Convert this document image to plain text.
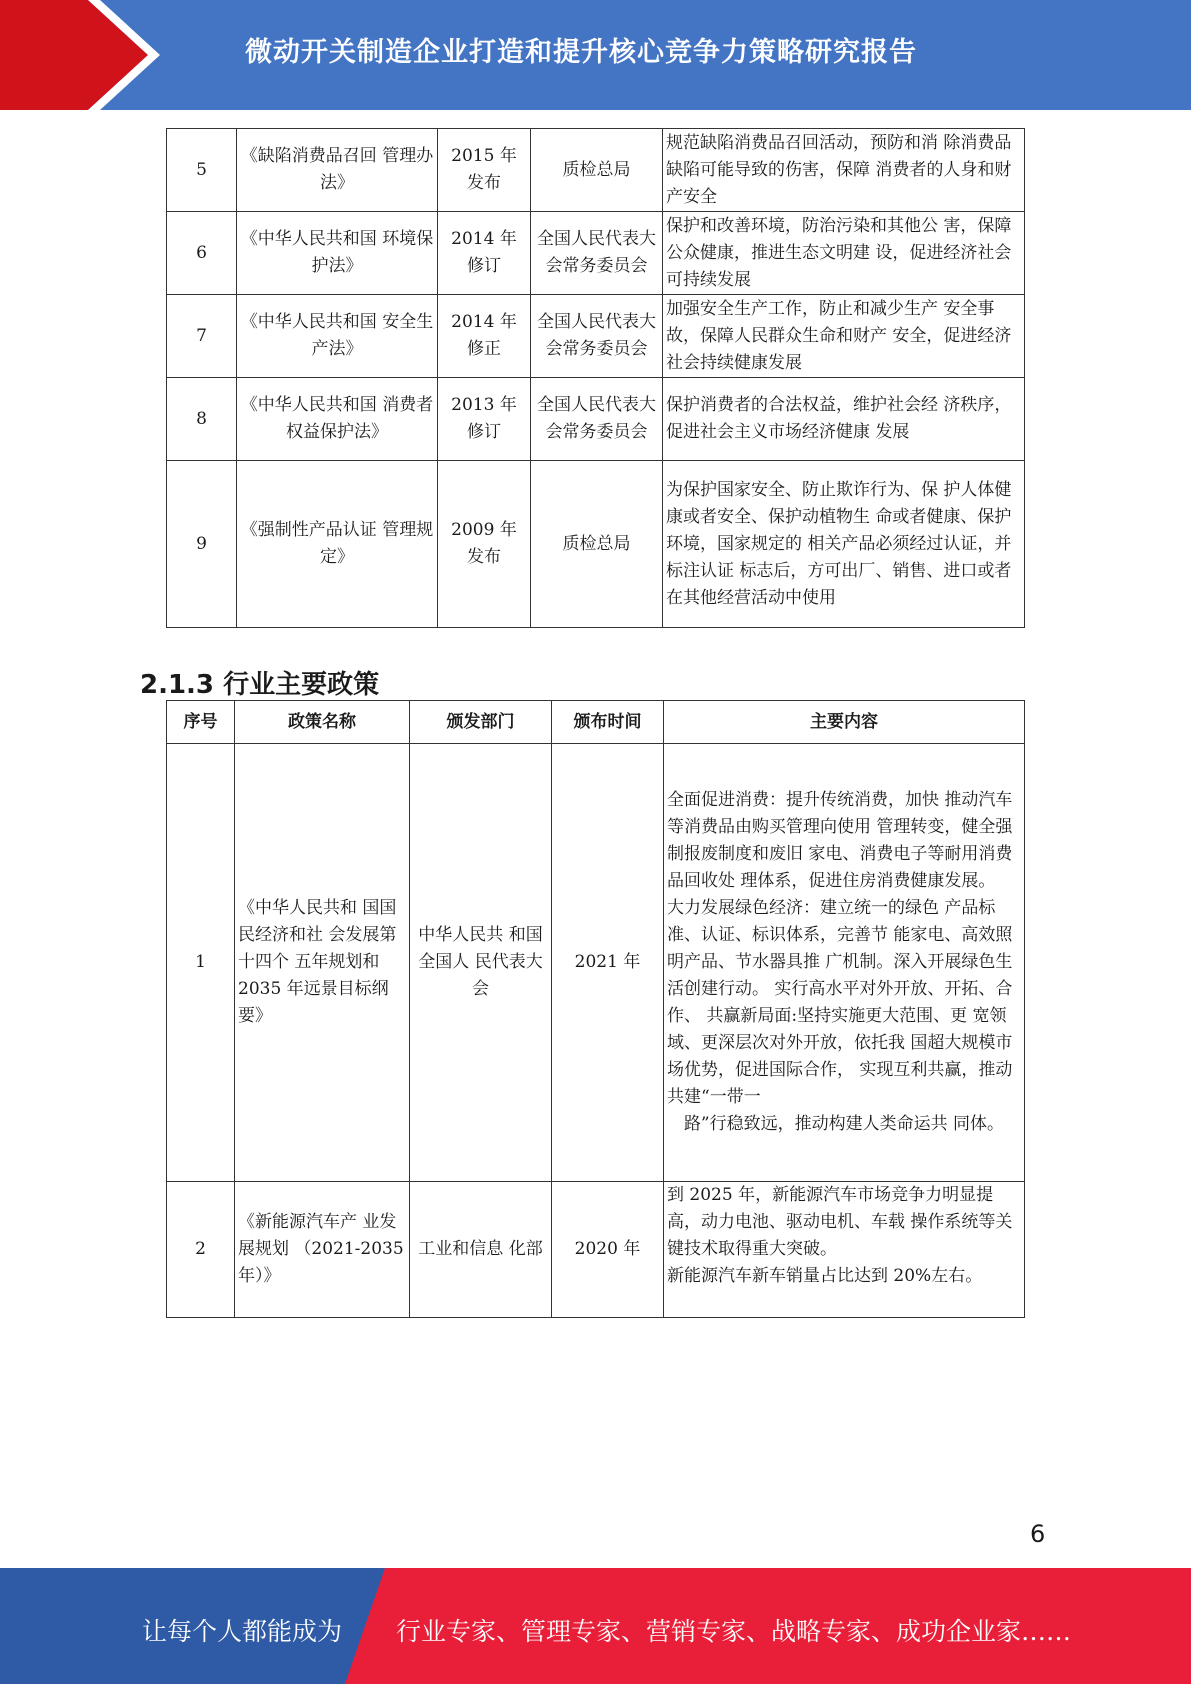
微动开关制造企业打造和提升核心竞争力策略研究报告
5	《缺陷消费品召回 管理办法》	2015 年 发布	质检总局	规范缺陷消费品召回活动，预防和消 除消费品缺陷可能导致的伤害，保障 消费者的人身和财产安全
6	《中华人民共和国 环境保护法》	2014 年 修订	全国人民代表大会常务委员会	保护和改善环境，防治污染和其他公 害，保障公众健康，推进生态文明建 设，促进经济社会可持续发展
7	《中华人民共和国 安全生产法》	2014 年 修正	全国人民代表大会常务委员会	加强安全生产工作，防止和减少生产 安全事故，保障人民群众生命和财产 安全，促进经济社会持续健康发展
8	《中华人民共和国 消费者权益保护法》	2013 年 修订	全国人民代表大会常务委员会	保护消费者的合法权益，维护社会经 济秩序，促进社会主义市场经济健康 发展
9	《强制性产品认证 管理规定》	2009 年 发布	质检总局	为保护国家安全、防止欺诈行为、保 护人体健康或者安全、保护动植物生 命或者健康、保护环境，国家规定的 相关产品必须经过认证，并标注认证 标志后，方可出厂、销售、进口或者 在其他经营活动中使用
2.1.3 行业主要政策
序号	政策名称	颁发部门	颁布时间	主要内容
1	《中华人民共和 国国民经济和社 会发展第十四个 五年规划和 2035 年远景目标纲 要》	中华人民共 和国全国人 民代表大会	2021 年	全面促进消费：提升传统消费，加快 推动汽车等消费品由购买管理向使用 管理转变，健全强制报废制度和废旧 家电、消费电子等耐用消费品回收处 理体系，促进住房消费健康发展。

大力发展绿色经济：建立统一的绿色 产品标准、认证、标识体系，完善节 能家电、高效照明产品、节水器具推 广机制。深入开展绿色生活创建行动。 实行高水平对外开放、开拓、合作、 共赢新局面:坚持实施更大范围、更 宽领域、更深层次对外开放，依托我 国超大规模市场优势，促进国际合作， 实现互利共赢，推动共建“一带一

路”行稳致远，推动构建人类命运共 同体。

2	《新能源汽车产 业发展规划 （2021-2035 年）》	工业和信息 化部	2020 年	到 2025 年，新能源汽车市场竞争力明显提高，动力电池、驱动电机、车载 操作系统等关键技术取得重大突破。

新能源汽车新车销量占比达到 20%左右。

6
让每个人都能成为 行业专家、管理专家、营销专家、战略专家、成功企业家……
